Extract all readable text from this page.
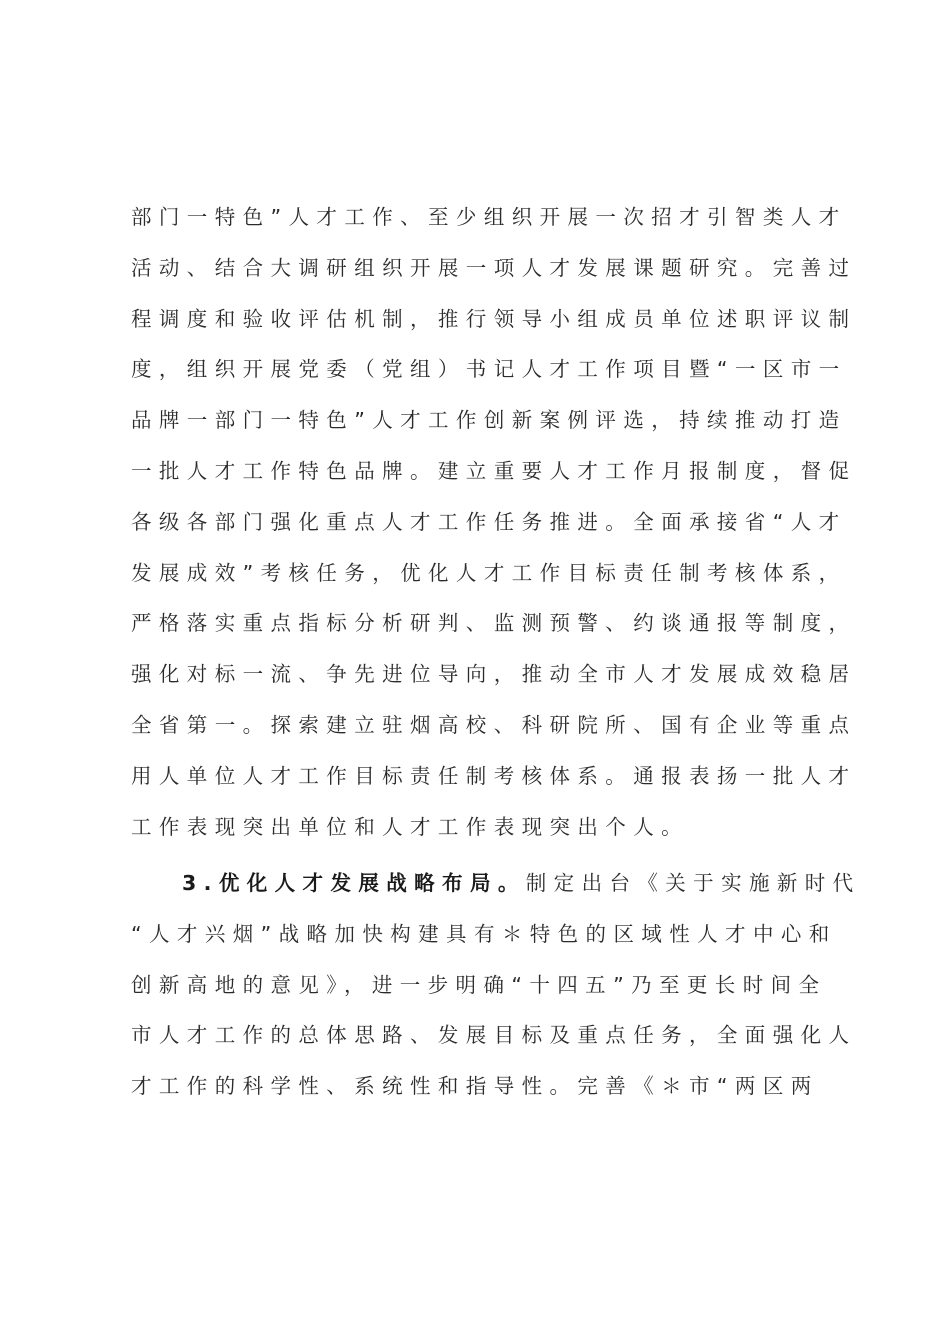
部门一特色”人才工作、至少组织开展一次招才引智类人才
活动、结合大调研组织开展一项人才发展课题研究。完善过
程调度和验收评估机制，推行领导小组成员单位述职评议制
度，组织开展党委（党组）书记人才工作项目暨“一区市一
品牌一部门一特色”人才工作创新案例评选，持续推动打造
一批人才工作特色品牌。建立重要人才工作月报制度，督促
各级各部门强化重点人才工作任务推进。全面承接省“人才
发展成效”考核任务，优化人才工作目标责任制考核体系，
严格落实重点指标分析研判、监测预警、约谈通报等制度，
强化对标一流、争先进位导向，推动全市人才发展成效稳居
全省第一。探索建立驻烟高校、科研院所、国有企业等重点
用人单位人才工作目标责任制考核体系。通报表扬一批人才
工作表现突出单位和人才工作表现突出个人。
3.优化人才发展战略布局。制定出台《关于实施新时代
“人才兴烟”战略加快构建具有＊特色的区域性人才中心和
创新高地的意见》，进一步明确“十四五”乃至更长时间全
市人才工作的总体思路、发展目标及重点任务，全面强化人
才工作的科学性、系统性和指导性。完善《＊市“两区两
